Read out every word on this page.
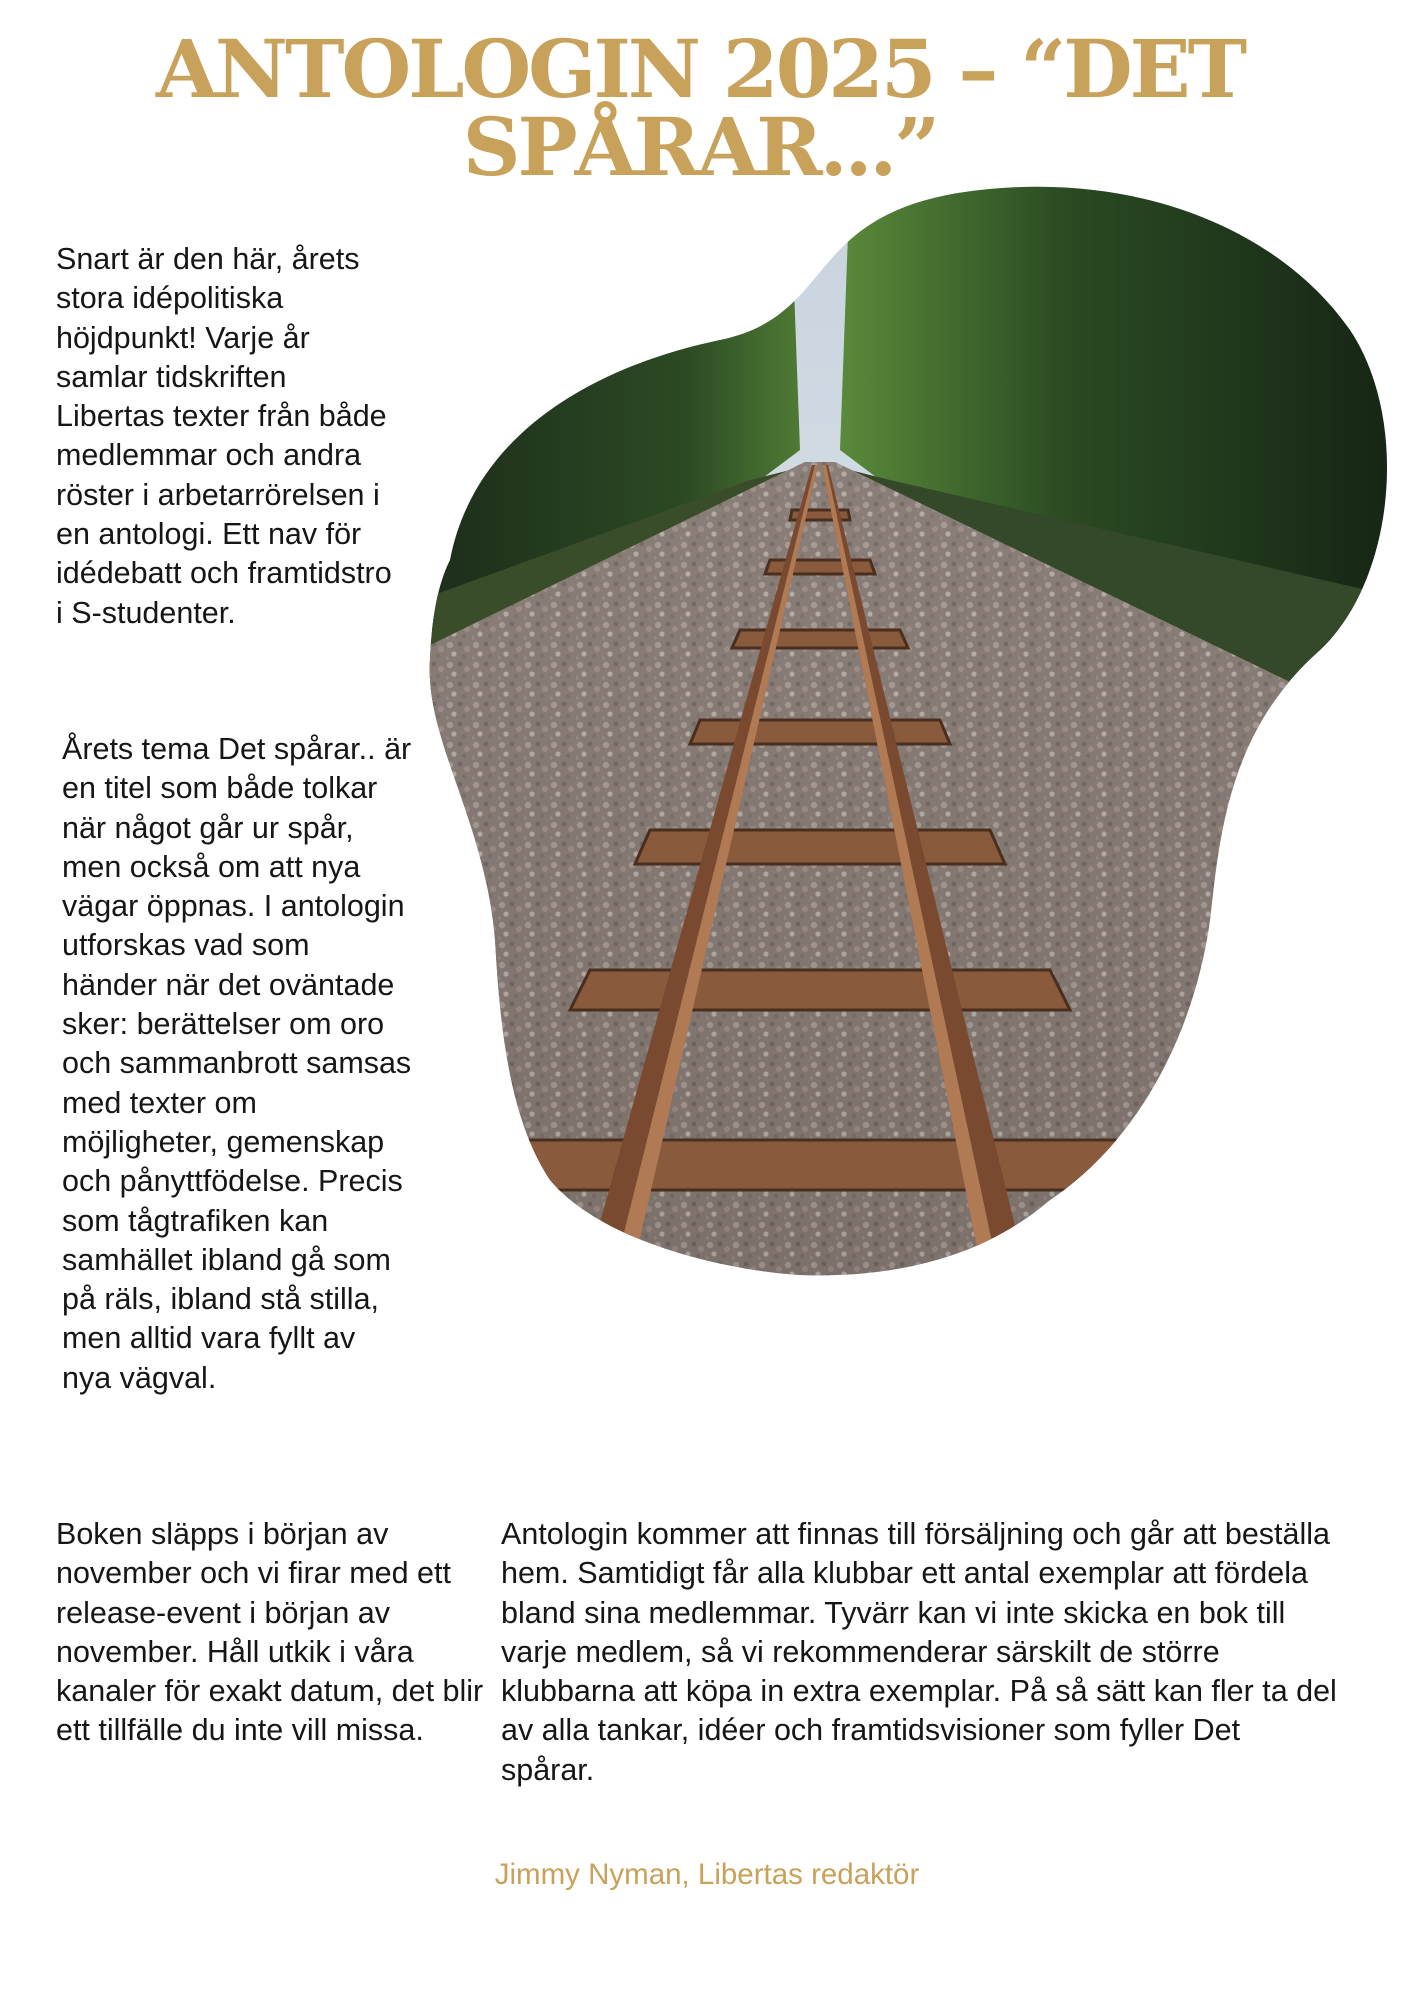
ANTOLOGIN 2025 – “DET
SPÅRAR...”

Snart är den här, årets stora idépolitiska höjdpunkt! Varje år samlar tidskriften Libertas texter från både medlemmar och andra röster i arbetarrörelsen i en antologi. Ett nav för idédebatt och framtidstro i S-studenter.

Årets tema Det spårar.. är en titel som både tolkar när något går ur spår, men också om att nya vägar öppnas. I antologin utforskas vad som händer när det oväntade sker: berättelser om oro och sammanbrott samsas med texter om möjligheter, gemenskap och pånyttfödelse. Precis som tågtrafiken kan samhället ibland gå som på räls, ibland stå stilla, men alltid vara fyllt av nya vägval.

Boken släpps i början av november och vi firar med ett release-event i början av november. Håll utkik i våra kanaler för exakt datum, det blir ett tillfälle du inte vill missa.

Antologin kommer att finnas till försäljning och går att beställa hem. Samtidigt får alla klubbar ett antal exemplar att fördela bland sina medlemmar. Tyvärr kan vi inte skicka en bok till varje medlem, så vi rekommenderar särskilt de större klubbarna att köpa in extra exemplar. På så sätt kan fler ta del av alla tankar, idéer och framtidsvisioner som fyller Det spårar.

Jimmy Nyman, Libertas redaktör
